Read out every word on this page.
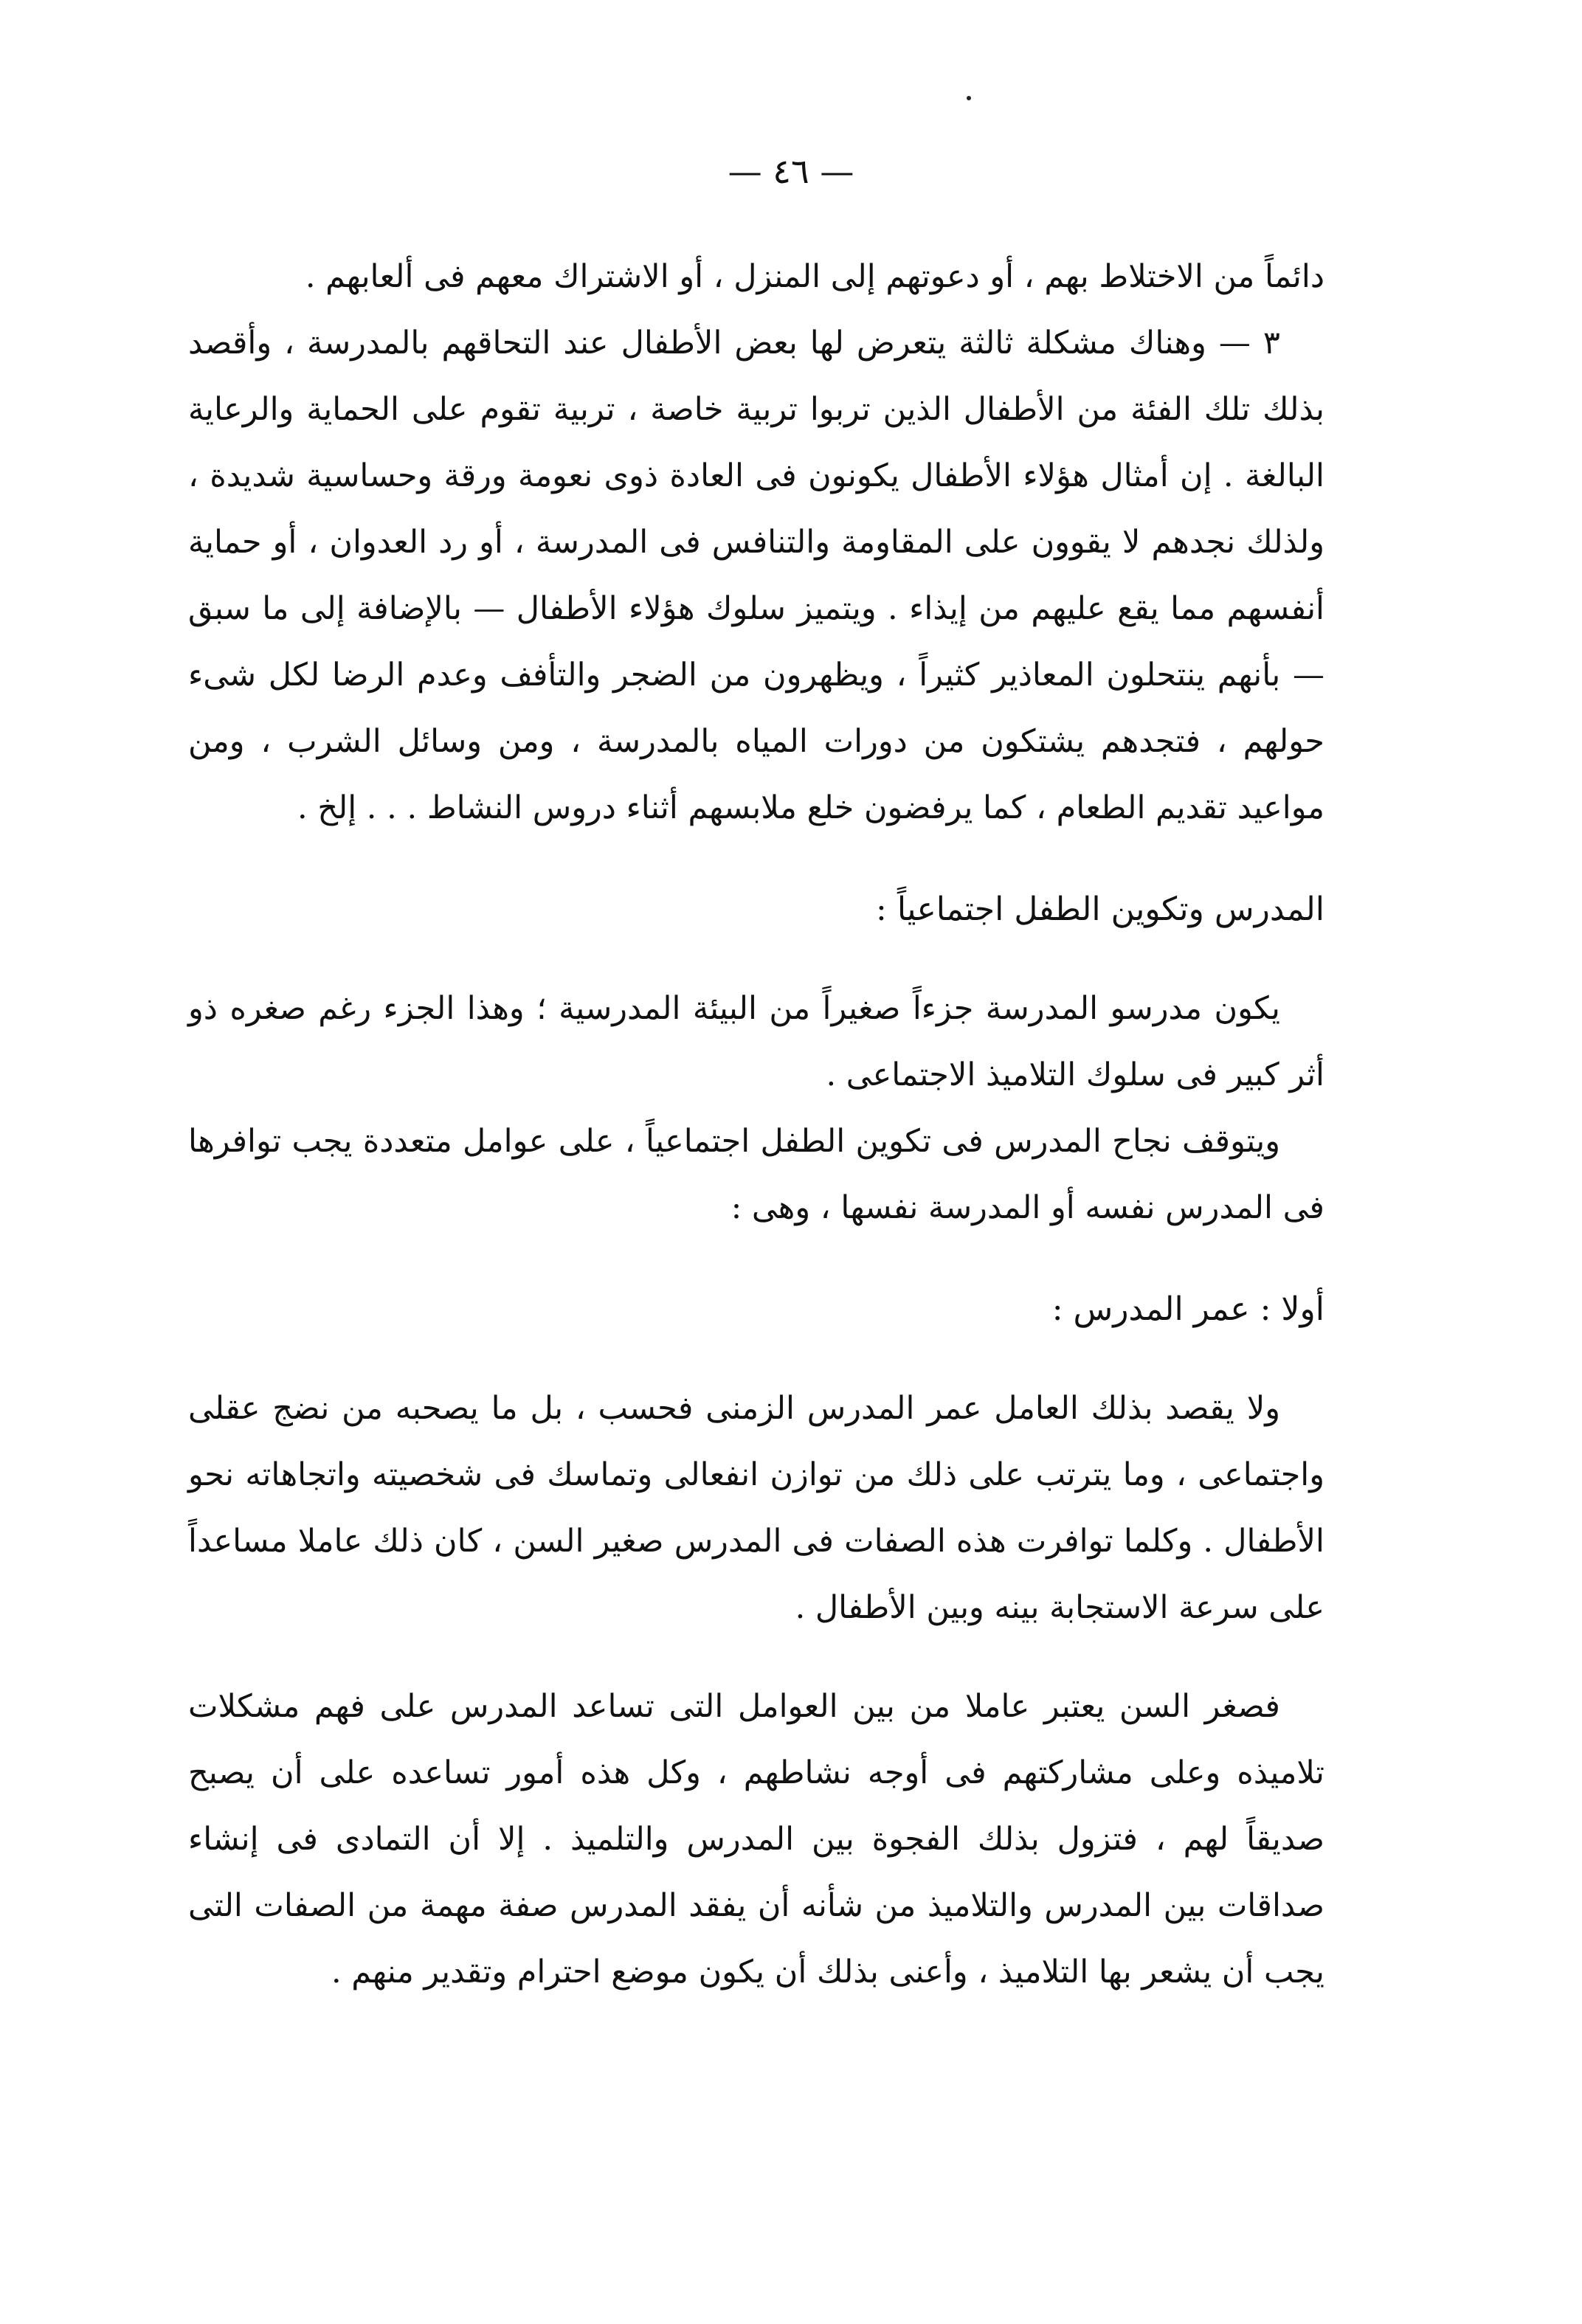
— ٤٦ —

دائماً من الاختلاط بهم ، أو دعوتهم إلى المنزل ، أو الاشتراك معهم فى ألعابهم .

٣ — وهناك مشكلة ثالثة يتعرض لها بعض الأطفال عند التحاقهم بالمدرسة ، وأقصد بذلك تلك الفئة من الأطفال الذين تربوا تربية خاصة ، تربية تقوم على الحماية والرعاية البالغة . إن أمثال هؤلاء الأطفال يكونون فى العادة ذوى نعومة ورقة وحساسية شديدة ، ولذلك نجدهم لا يقوون على المقاومة والتنافس فى المدرسة ، أو رد العدوان ، أو حماية أنفسهم مما يقع عليهم من إيذاء . ويتميز سلوك هؤلاء الأطفال — بالإضافة إلى ما سبق— بأنهم ينتحلون المعاذير كثيراً ، ويظهرون من الضجر والتأفف وعدم الرضا لكل شىء حولهم ، فتجدهم يشتكون من دورات المياه بالمدرسة ، ومن وسائل الشرب ، ومن مواعيد تقديم الطعام ، كما يرفضون خلع ملابسهم أثناء دروس النشاط . . . إلخ .

المدرس وتكوين الطفل اجتماعياً :

يكون مدرسو المدرسة جزءاً صغيراً من البيئة المدرسية ؛ وهذا الجزء رغم صغره ذو أثر كبير فى سلوك التلاميذ الاجتماعى .

ويتوقف نجاح المدرس فى تكوين الطفل اجتماعياً ، على عوامل متعددة يجب توافرها فى المدرس نفسه أو المدرسة نفسها ، وهى :

أولا : عمر المدرس :

ولا يقصد بذلك العامل عمر المدرس الزمنى فحسب ، بل ما يصحبه من نضج عقلى واجتماعى ، وما يترتب على ذلك من توازن انفعالى وتماسك فى شخصيته واتجاهاته نحو الأطفال . وكلما توافرت هذه الصفات فى المدرس صغير السن ، كان ذلك عاملا مساعداً على سرعة الاستجابة بينه وبين الأطفال .

فصغر السن يعتبر عاملا من بين العوامل التى تساعد المدرس على فهم مشكلات تلاميذه وعلى مشاركتهم فى أوجه نشاطهم ، وكل هذه أمور تساعده على أن يصبح صديقاً لهم ، فتزول بذلك الفجوة بين المدرس والتلميذ . إلا أن التمادى فى إنشاء صداقات بين المدرس والتلاميذ من شأنه أن يفقد المدرس صفة مهمة من الصفات التى يجب أن يشعر بها التلاميذ ، وأعنى بذلك أن يكون موضع احترام وتقدير منهم .
